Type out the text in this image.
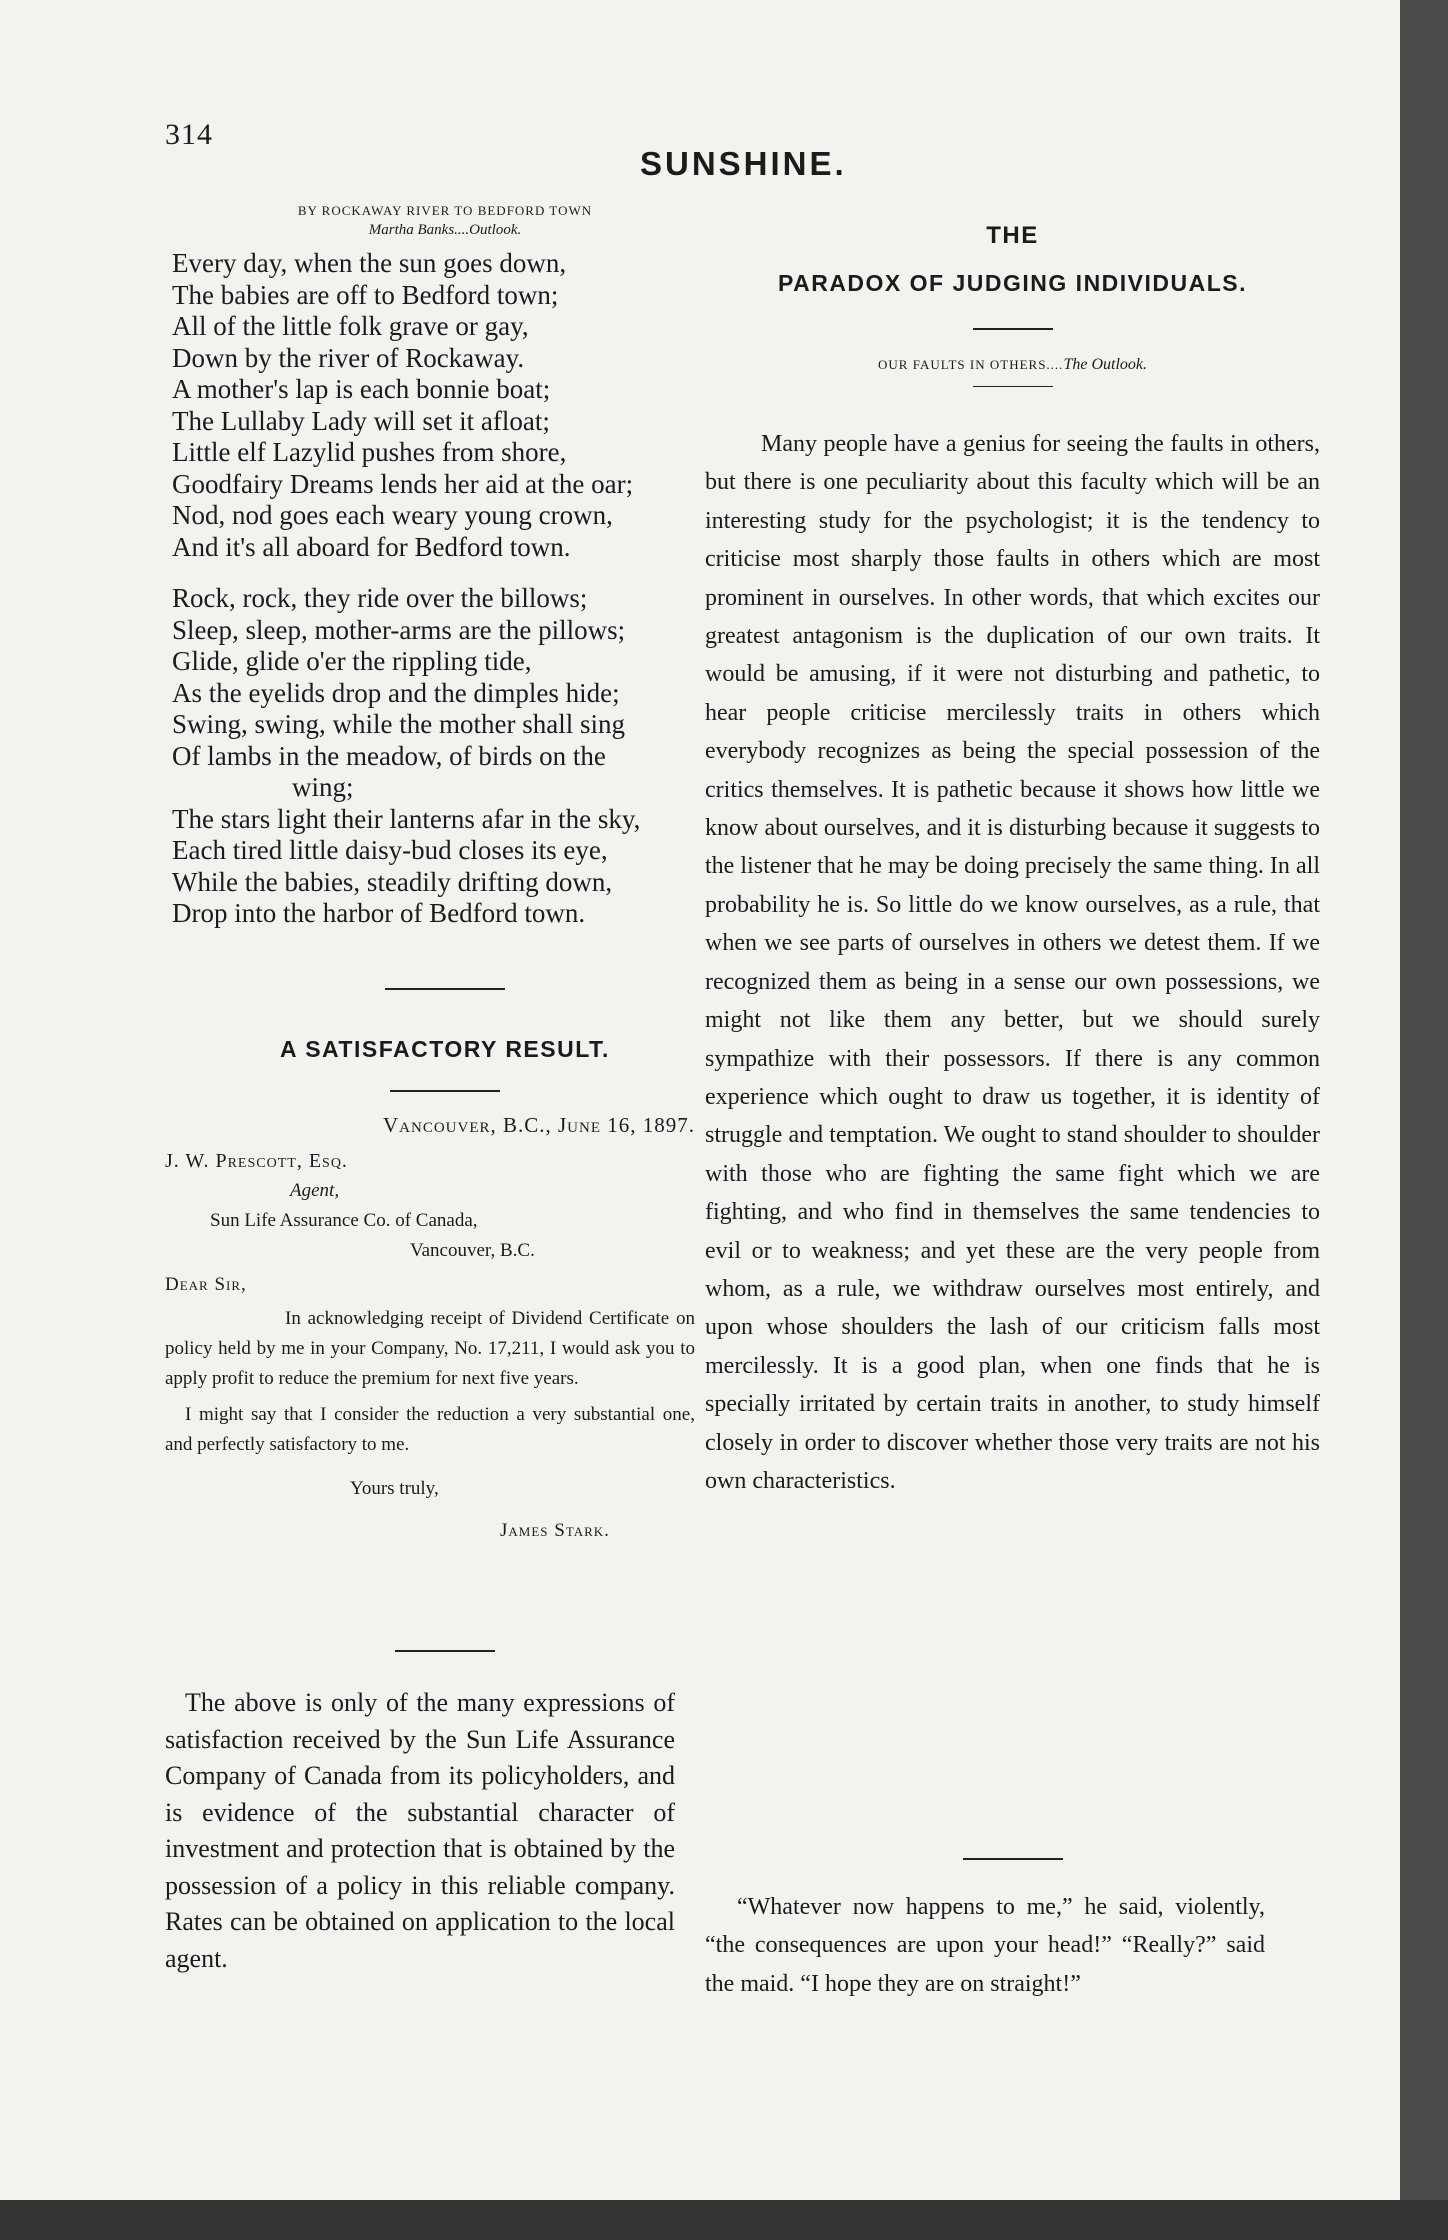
314
SUNSHINE.
BY ROCKAWAY RIVER TO BEDFORD TOWN
Martha Banks....Outlook.
Every day, when the sun goes down,
The babies are off to Bedford town;
All of the little folk grave or gay,
Down by the river of Rockaway.
A mother's lap is each bonnie boat;
The Lullaby Lady will set it afloat;
Little elf Lazylid pushes from shore,
Goodfairy Dreams lends her aid at the oar;
Nod, nod goes each weary young crown,
And it's all aboard for Bedford town.
Rock, rock, they ride over the billows;
Sleep, sleep, mother-arms are the pillows;
Glide, glide o'er the rippling tide,
As the eyelids drop and the dimples hide;
Swing, swing, while the mother shall sing
Of lambs in the meadow, of birds on the
wing;
The stars light their lanterns afar in the sky,
Each tired little daisy-bud closes its eye,
While the babies, steadily drifting down,
Drop into the harbor of Bedford town.
A SATISFACTORY RESULT.
Vancouver, B.C., June 16, 1897.
J. W. Prescott, Esq.
Agent,
Sun Life Assurance Co. of Canada,
Vancouver, B.C.
Dear Sir,

In acknowledging receipt of Dividend Certificate on policy held by me in your Company, No. 17,211, I would ask you to apply profit to reduce the premium for next five years.

I might say that I consider the reduction a very substantial one, and perfectly satisfactory to me.

Yours truly,
James Stark.

The above is only of the many expressions of satisfaction received by the Sun Life Assurance Company of Canada from its policyholders, and is evidence of the substantial character of investment and protection that is obtained by the possession of a policy in this reliable company. Rates can be obtained on application to the local agent.

THE
PARADOX OF JUDGING INDIVIDUALS.
OUR FAULTS IN OTHERS....The Outlook.

Many people have a genius for seeing the faults in others, but there is one peculiarity about this faculty which will be an interesting study for the psychologist; it is the tendency to criticise most sharply those faults in others which are most prominent in ourselves. In other words, that which excites our greatest antagonism is the duplication of our own traits. It would be amusing, if it were not disturbing and pathetic, to hear people criticise mercilessly traits in others which everybody recognizes as being the special possession of the critics themselves. It is pathetic because it shows how little we know about ourselves, and it is disturbing because it suggests to the listener that he may be doing precisely the same thing. In all probability he is. So little do we know ourselves, as a rule, that when we see parts of ourselves in others we detest them. If we recognized them as being in a sense our own possessions, we might not like them any better, but we should surely sympathize with their possessors. If there is any common experience which ought to draw us together, it is identity of struggle and temptation. We ought to stand shoulder to shoulder with those who are fighting the same fight which we are fighting, and who find in themselves the same tendencies to evil or to weakness; and yet these are the very people from whom, as a rule, we withdraw ourselves most entirely, and upon whose shoulders the lash of our criticism falls most mercilessly. It is a good plan, when one finds that he is specially irritated by certain traits in another, to study himself closely in order to discover whether those very traits are not his own characteristics.

“Whatever now happens to me,” he said, violently, “the consequences are upon your head!” “Really?” said the maid. “I hope they are on straight!”
